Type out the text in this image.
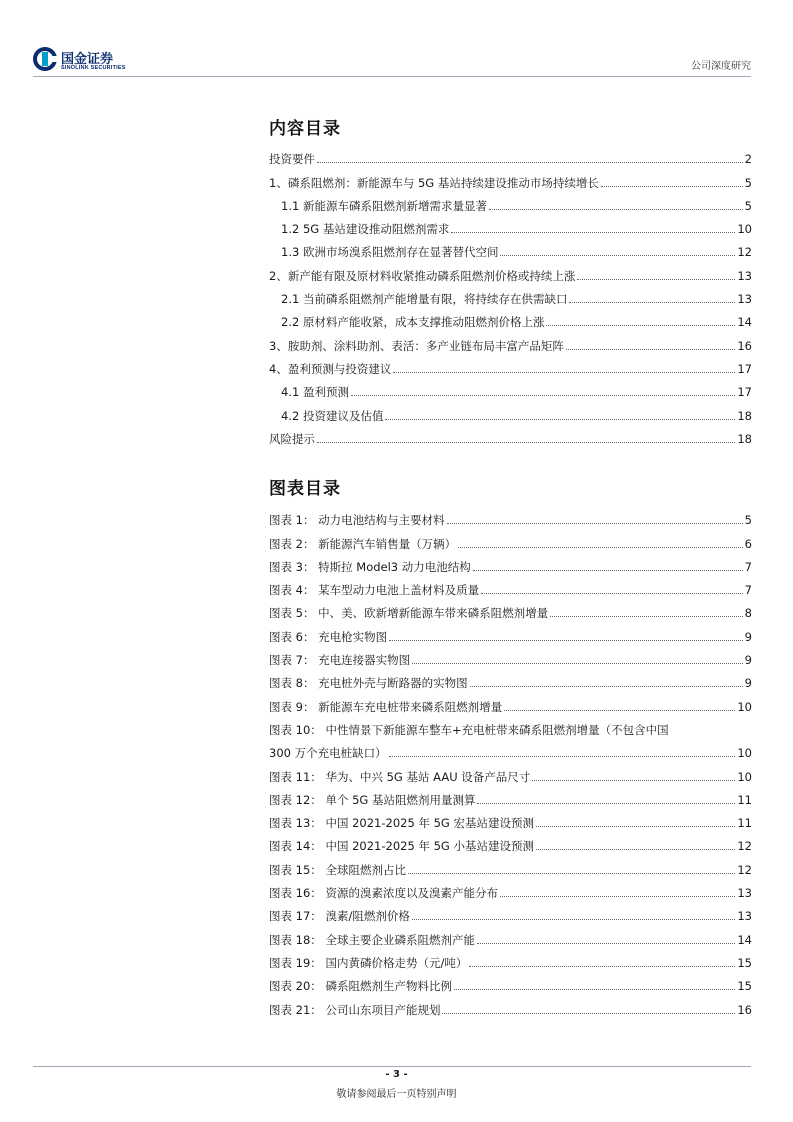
国金证券
SINOLINK SECURITIES	公司深度研究
内容目录
投资要件	2
1、磷系阻燃剂：新能源车与 5G 基站持续建设推动市场持续增长	5
1.1 新能源车磷系阻燃剂新增需求量显著	5
1.2 5G 基站建设推动阻燃剂需求	10
1.3 欧洲市场溴系阻燃剂存在显著替代空间	12
2、新产能有限及原材料收紧推动磷系阻燃剂价格或持续上涨	13
2.1 当前磷系阻燃剂产能增量有限，将持续存在供需缺口	13
2.2 原材料产能收紧，成本支撑推动阻燃剂价格上涨	14
3、胺助剂、涂料助剂、表活：多产业链布局丰富产品矩阵	16
4、盈利预测与投资建议	17
4.1 盈利预测	17
4.2 投资建议及估值	18
风险提示	18
图表目录
图表 1： 动力电池结构与主要材料	5
图表 2： 新能源汽车销售量（万辆）	6
图表 3： 特斯拉 Model3 动力电池结构	7
图表 4： 某车型动力电池上盖材料及质量	7
图表 5： 中、美、欧新增新能源车带来磷系阻燃剂增量	8
图表 6： 充电枪实物图	9
图表 7： 充电连接器实物图	9
图表 8： 充电桩外壳与断路器的实物图	9
图表 9： 新能源车充电桩带来磷系阻燃剂增量	10
图表 10： 中性情景下新能源车整车+充电桩带来磷系阻燃剂增量（不包含中国
300 万个充电桩缺口）	10
图表 11： 华为、中兴 5G 基站 AAU 设备产品尺寸	10
图表 12： 单个 5G 基站阻燃剂用量测算	11
图表 13： 中国 2021-2025 年 5G 宏基站建设预测	11
图表 14： 中国 2021-2025 年 5G 小基站建设预测	12
图表 15： 全球阻燃剂占比	12
图表 16： 资源的溴素浓度以及溴素产能分布	13
图表 17： 溴素/阻燃剂价格	13
图表 18： 全球主要企业磷系阻燃剂产能	14
图表 19： 国内黄磷价格走势（元/吨）	15
图表 20： 磷系阻燃剂生产物料比例	15
图表 21： 公司山东项目产能规划	16
- 3 -
敬请参阅最后一页特别声明
